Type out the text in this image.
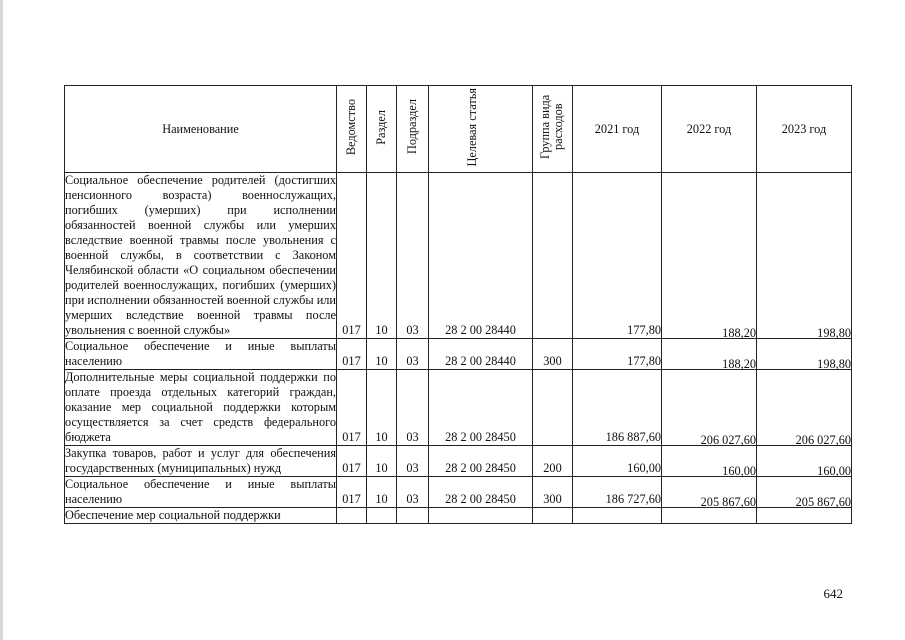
Наименование	Ведомство	Раздел	Подраздел	Целевая статья	Группа вида расходов	2021 год	2022 год	2023 год
Социальное обеспечение родителей (достигших пенсионного возраста) военнослужащих, погибших (умерших) при исполнении обязанностей военной службы или умерших вследствие военной травмы после увольнения с военной службы, в соответствии с Законом Челябинской области «О социальном обеспечении родителей военнослужащих, погибших (умерших) при исполнении обязанностей военной службы или умерших вследствие военной травмы после увольнения с военной службы»	017	10	03	28 2 00 28440		177,80	188,20	198,80
Социальное обеспечение и иные выплаты населению	017	10	03	28 2 00 28440	300	177,80	188,20	198,80
Дополнительные меры социальной поддержки по оплате проезда отдельных категорий граждан, оказание мер социальной поддержки которым осуществляется за счет средств федерального бюджета	017	10	03	28 2 00 28450		186 887,60	206 027,60	206 027,60
Закупка товаров, работ и услуг для обеспечения государственных (муниципальных) нужд	017	10	03	28 2 00 28450	200	160,00	160,00	160,00
Социальное обеспечение и иные выплаты населению	017	10	03	28 2 00 28450	300	186 727,60	205 867,60	205 867,60
Обеспечение мер социальной поддержки								
642
